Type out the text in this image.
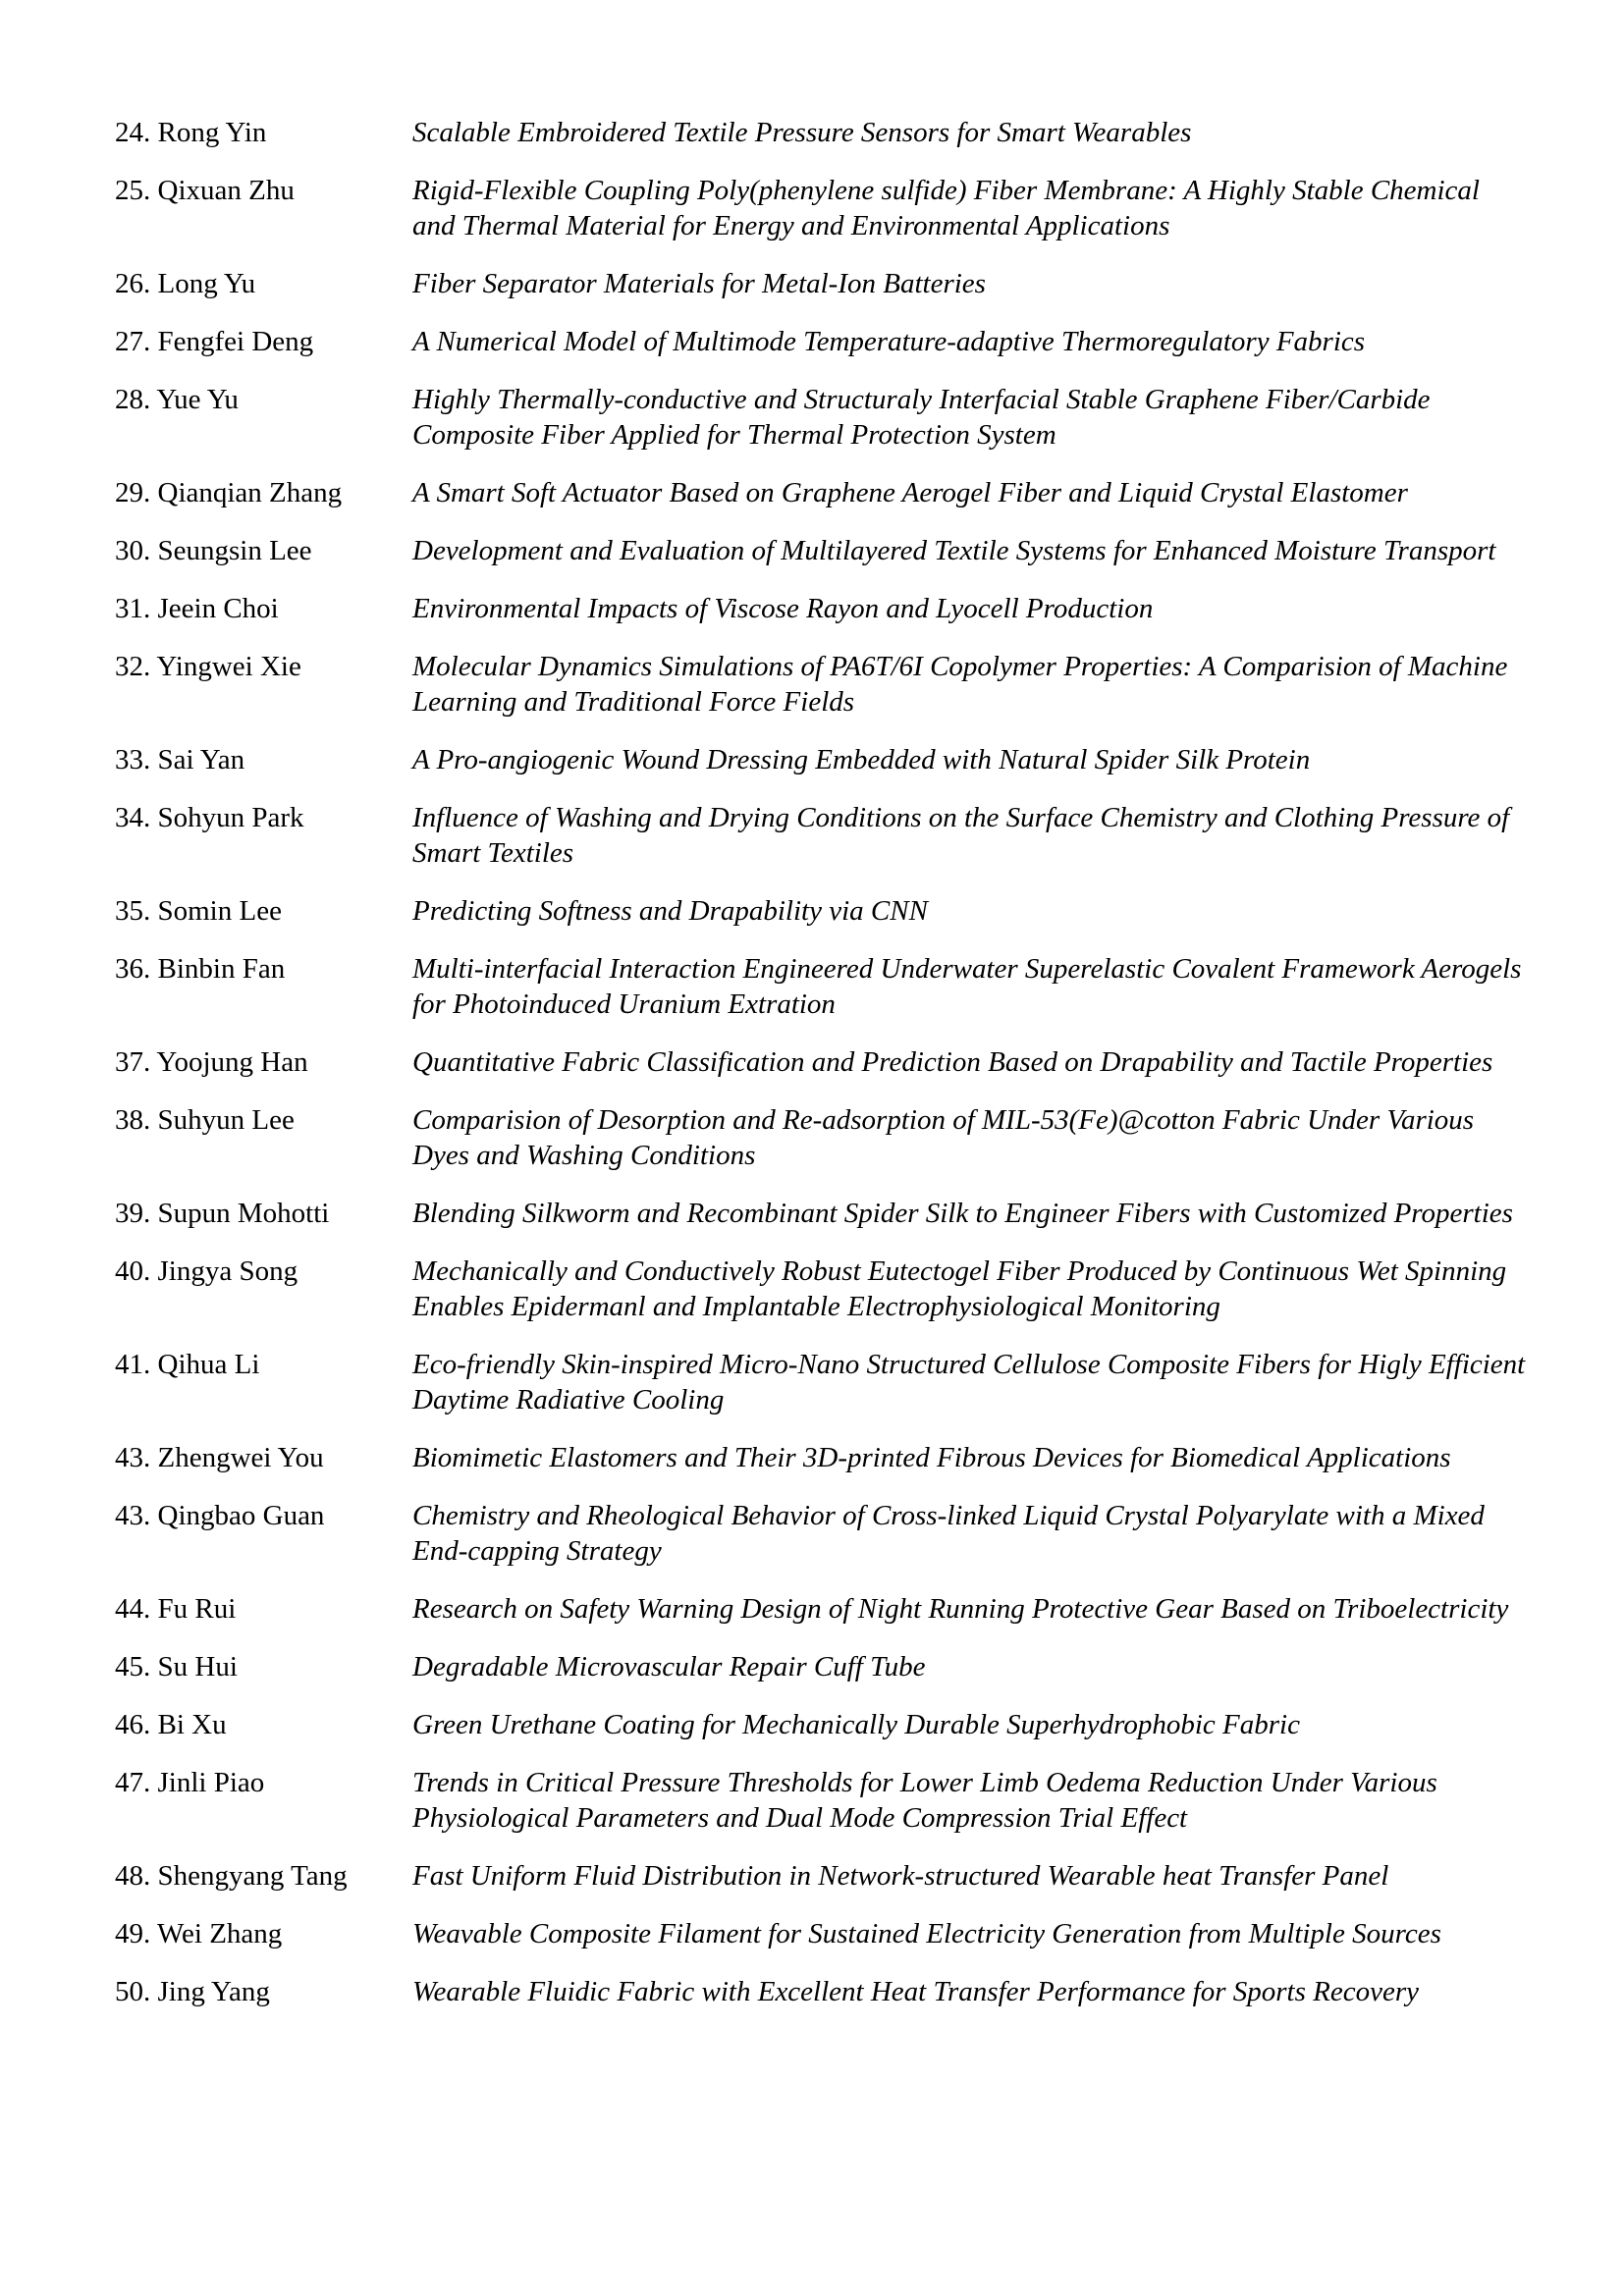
24. Rong Yin	Scalable Embroidered Textile Pressure Sensors for Smart Wearables
25. Qixuan Zhu	Rigid-Flexible Coupling Poly(phenylene sulfide) Fiber Membrane: A Highly Stable Chemical and Thermal Material for Energy and Environmental Applications
26. Long Yu	Fiber Separator Materials for Metal-Ion Batteries
27. Fengfei Deng	A Numerical Model of Multimode Temperature-adaptive Thermoregulatory Fabrics
28. Yue Yu	Highly Thermally-conductive and Structuraly Interfacial Stable Graphene Fiber/Carbide Composite Fiber Applied for Thermal Protection System
29. Qianqian Zhang	A Smart Soft Actuator Based on Graphene Aerogel Fiber and Liquid Crystal Elastomer
30. Seungsin Lee	Development and Evaluation of Multilayered Textile Systems for Enhanced Moisture Transport
31. Jeein Choi	Environmental Impacts of Viscose Rayon and Lyocell Production
32. Yingwei Xie	Molecular Dynamics Simulations of PA6T/6I Copolymer Properties: A Comparision of Machine Learning and Traditional Force Fields
33. Sai Yan	A Pro-angiogenic Wound Dressing Embedded with Natural Spider Silk Protein
34. Sohyun Park	Influence of Washing and Drying Conditions on the Surface Chemistry and Clothing Pressure of Smart Textiles
35. Somin Lee	Predicting Softness and Drapability via CNN
36. Binbin Fan	Multi-interfacial Interaction Engineered Underwater Superelastic Covalent Framework Aerogels for Photoinduced Uranium Extration
37. Yoojung Han	Quantitative Fabric Classification and Prediction Based on Drapability and Tactile Properties
38. Suhyun Lee	Comparision of Desorption and Re-adsorption of MIL-53(Fe)@cotton Fabric Under Various Dyes and Washing Conditions
39. Supun Mohotti	Blending Silkworm and Recombinant Spider Silk to Engineer Fibers with Customized Properties
40. Jingya Song	Mechanically and Conductively Robust Eutectogel Fiber Produced by Continuous Wet Spinning Enables Epidermanl and Implantable Electrophysiological Monitoring
41. Qihua Li	Eco-friendly Skin-inspired Micro-Nano Structured Cellulose Composite Fibers for Higly Efficient Daytime Radiative Cooling
43. Zhengwei You	Biomimetic Elastomers and Their 3D-printed Fibrous Devices for Biomedical Applications
43. Qingbao Guan	Chemistry and Rheological Behavior of Cross-linked Liquid Crystal Polyarylate with a Mixed End-capping Strategy
44. Fu Rui	Research on Safety Warning Design of Night Running Protective Gear Based on Triboelectricity
45. Su Hui	Degradable Microvascular Repair Cuff Tube
46. Bi Xu	Green Urethane Coating for Mechanically Durable Superhydrophobic Fabric
47. Jinli Piao	Trends in Critical Pressure Thresholds for Lower Limb Oedema Reduction Under Various Physiological Parameters and Dual Mode Compression Trial Effect
48. Shengyang Tang	Fast Uniform Fluid Distribution in Network-structured Wearable heat Transfer Panel
49. Wei Zhang	Weavable Composite Filament for Sustained Electricity Generation from Multiple Sources
50. Jing Yang	Wearable Fluidic Fabric with Excellent Heat Transfer Performance for Sports Recovery
